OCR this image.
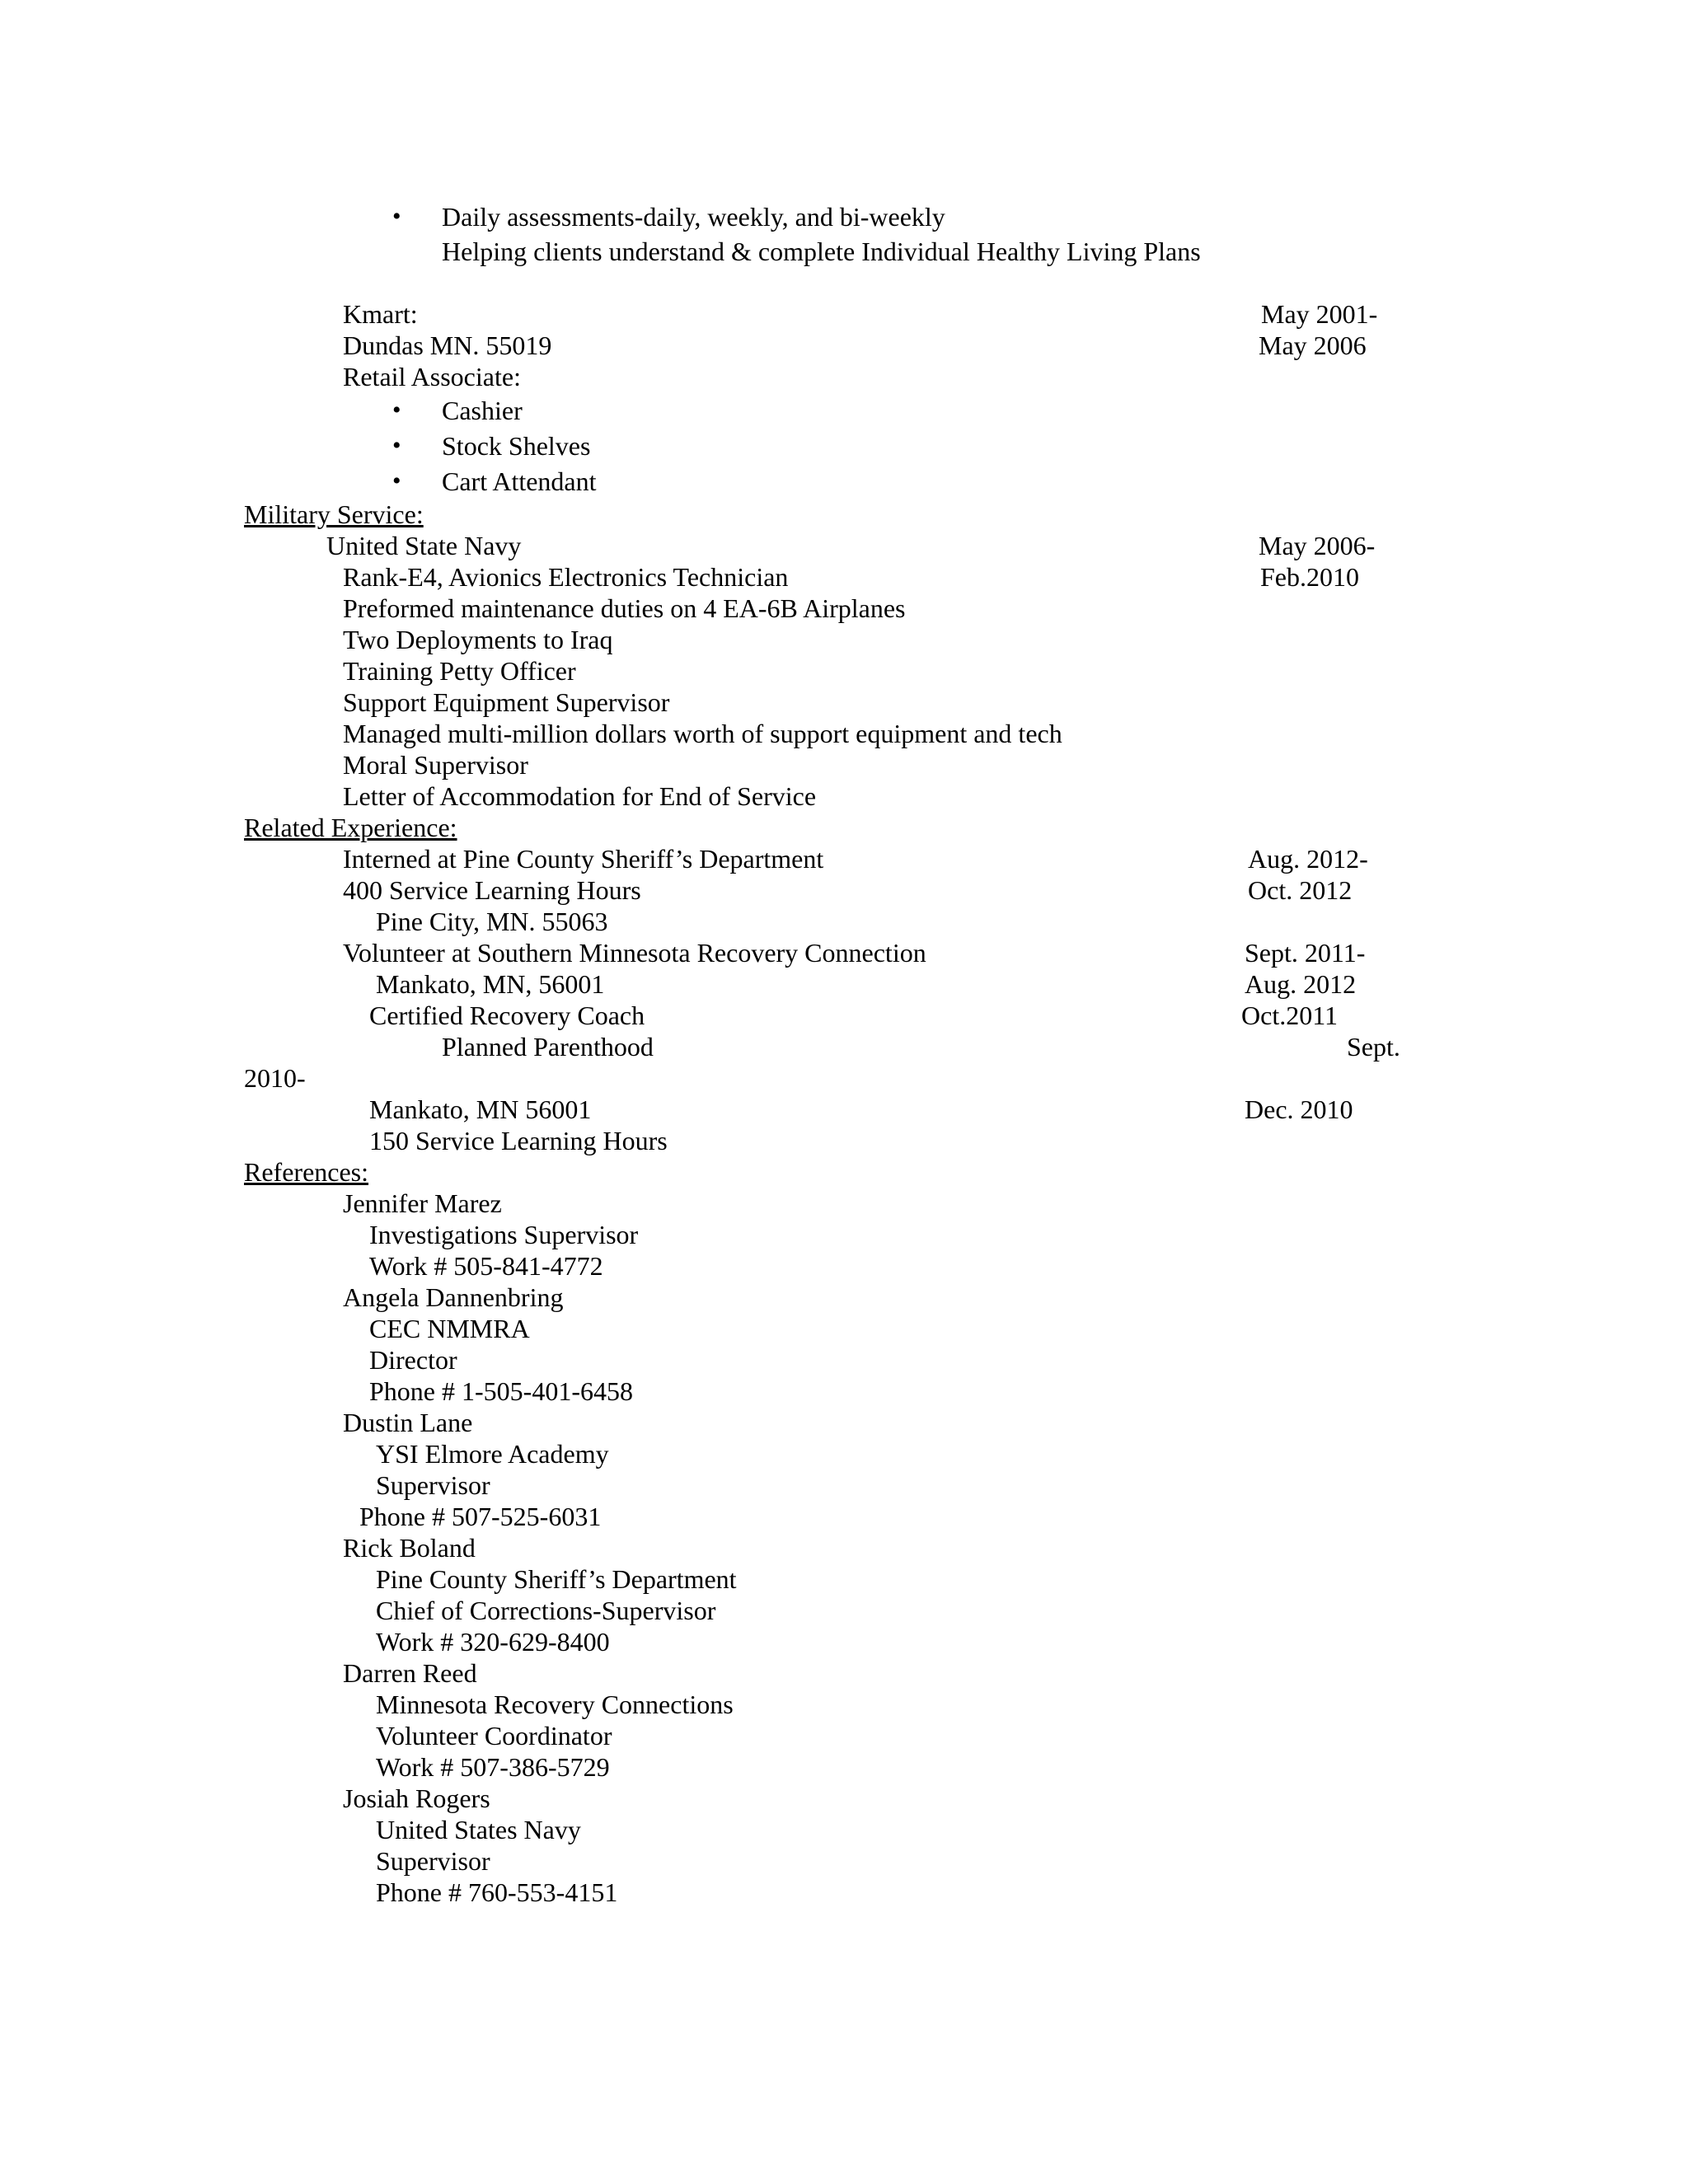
• Daily assessments-daily, weekly, and bi-weekly
Helping clients understand & complete Individual Healthy Living Plans
Kmart:	May 2001-
Dundas MN. 55019	May 2006
Retail Associate:
• Cashier
• Stock Shelves
• Cart Attendant
Military Service:
United State Navy	May 2006-
Rank-E4, Avionics Electronics Technician	Feb.2010
Preformed maintenance duties on 4 EA-6B Airplanes
Two Deployments to Iraq
Training Petty Officer
Support Equipment Supervisor
Managed multi-million dollars worth of support equipment and tech
Moral Supervisor
Letter of Accommodation for End of Service
Related Experience:
Interned at Pine County Sheriff’s Department	Aug. 2012-
400 Service Learning Hours	Oct. 2012
Pine City, MN. 55063
Volunteer at Southern Minnesota Recovery Connection	Sept. 2011-
Mankato, MN, 56001	Aug. 2012
Certified Recovery Coach	Oct.2011
Planned Parenthood	Sept.
2010-
Mankato, MN 56001	Dec. 2010
150 Service Learning Hours
References:
Jennifer Marez
Investigations Supervisor
Work # 505-841-4772
Angela Dannenbring
CEC NMMRA
Director
Phone # 1-505-401-6458
Dustin Lane
YSI Elmore Academy
Supervisor
Phone # 507-525-6031
Rick Boland
Pine County Sheriff’s Department
Chief of Corrections-Supervisor
Work # 320-629-8400
Darren Reed
Minnesota Recovery Connections
Volunteer Coordinator
Work # 507-386-5729
Josiah Rogers
United States Navy
Supervisor
Phone # 760-553-4151
